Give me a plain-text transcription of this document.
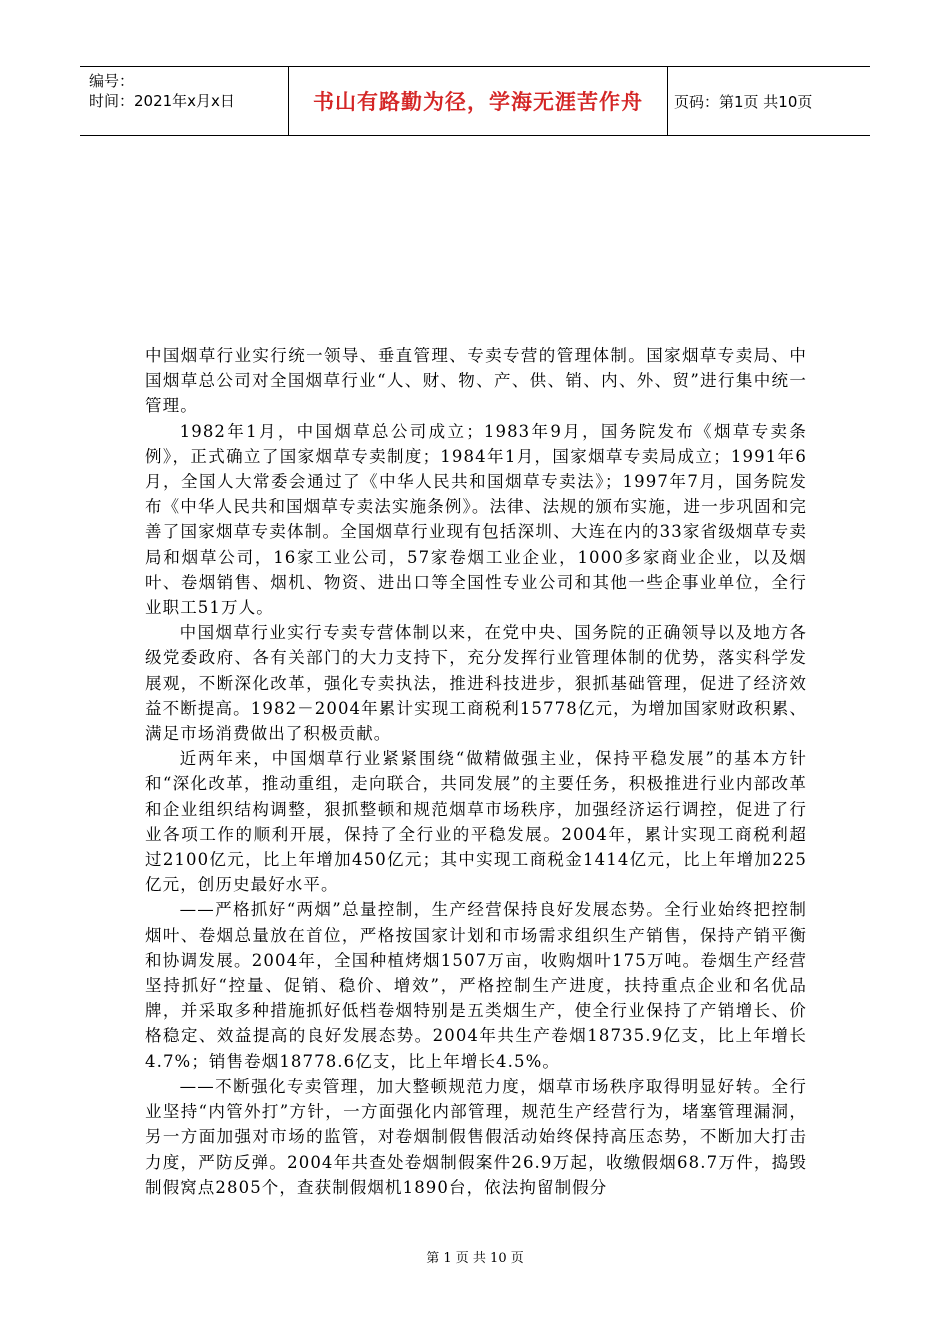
编号：
时间：2021年x月x日	书山有路勤为径，学海无涯苦作舟	页码：第1页 共10页

中国烟草行业实行统一领导、垂直管理、专卖专营的管理体制。国家烟草专卖局、中国烟草总公司对全国烟草行业“人、财、物、产、供、销、内、外、贸”进行集中统一管理。

1982年1月，中国烟草总公司成立；1983年9月，国务院发布《烟草专卖条例》，正式确立了国家烟草专卖制度；1984年1月，国家烟草专卖局成立；1991年6月，全国人大常委会通过了《中华人民共和国烟草专卖法》；1997年7月，国务院发布《中华人民共和国烟草专卖法实施条例》。法律、法规的颁布实施，进一步巩固和完善了国家烟草专卖体制。全国烟草行业现有包括深圳、大连在内的33家省级烟草专卖局和烟草公司，16家工业公司，57家卷烟工业企业，1000多家商业企业，以及烟叶、卷烟销售、烟机、物资、进出口等全国性专业公司和其他一些企事业单位，全行业职工51万人。

中国烟草行业实行专卖专营体制以来，在党中央、国务院的正确领导以及地方各级党委政府、各有关部门的大力支持下，充分发挥行业管理体制的优势，落实科学发展观，不断深化改革，强化专卖执法，推进科技进步，狠抓基础管理，促进了经济效益不断提高。1982－2004年累计实现工商税利15778亿元，为增加国家财政积累、满足市场消费做出了积极贡献。

近两年来，中国烟草行业紧紧围绕“做精做强主业，保持平稳发展”的基本方针和“深化改革，推动重组，走向联合，共同发展”的主要任务，积极推进行业内部改革和企业组织结构调整，狠抓整顿和规范烟草市场秩序，加强经济运行调控，促进了行业各项工作的顺利开展，保持了全行业的平稳发展。2004年，累计实现工商税利超过2100亿元，比上年增加450亿元；其中实现工商税金1414亿元，比上年增加225亿元，创历史最好水平。

——严格抓好“两烟”总量控制，生产经营保持良好发展态势。全行业始终把控制烟叶、卷烟总量放在首位，严格按国家计划和市场需求组织生产销售，保持产销平衡和协调发展。2004年，全国种植烤烟1507万亩，收购烟叶175万吨。卷烟生产经营坚持抓好“控量、促销、稳价、增效”，严格控制生产进度，扶持重点企业和名优品牌，并采取多种措施抓好低档卷烟特别是五类烟生产，使全行业保持了产销增长、价格稳定、效益提高的良好发展态势。2004年共生产卷烟18735.9亿支，比上年增长4.7%；销售卷烟18778.6亿支，比上年增长4.5%。

——不断强化专卖管理，加大整顿规范力度，烟草市场秩序取得明显好转。全行业坚持“内管外打”方针，一方面强化内部管理，规范生产经营行为，堵塞管理漏洞，另一方面加强对市场的监管，对卷烟制假售假活动始终保持高压态势，不断加大打击力度，严防反弹。2004年共查处卷烟制假案件26.9万起，收缴假烟68.7万件，捣毁制假窝点2805个，查获制假烟机1890台，依法拘留制假分

第 1 页 共 10 页
